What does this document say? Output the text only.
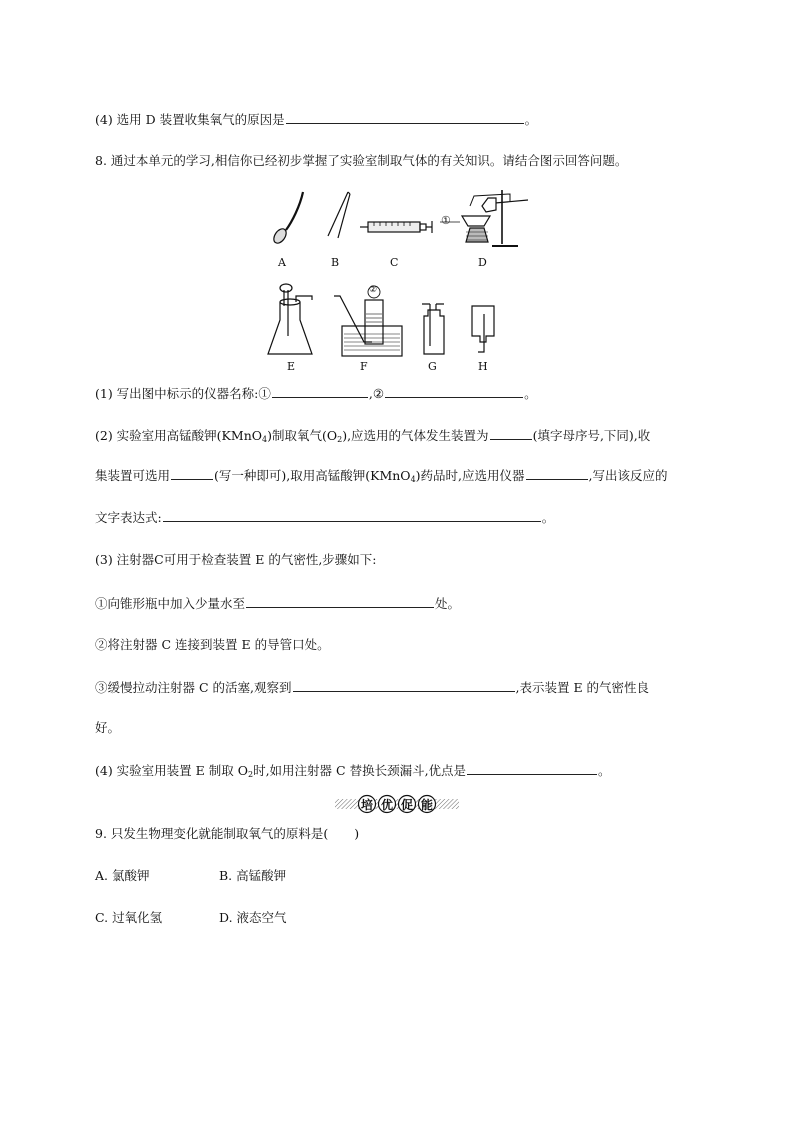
(4) 选用 D 装置收集氧气的原因是	。
8. 通过本单元的学习,相信你已经初步掌握了实验室制取气体的有关知识。请结合图示回答问题。
A	B	C	D
①
E	F	G	H
②
(1) 写出图中标示的仪器名称:①	,②	。
(2) 实验室用高锰酸钾(KMnO$_4$)制取氧气$(O_2)$,应选用的气体发生装置为	(填字母序号,下同),收
集装置可选用	(写一种即可),取用高锰酸钾(KMnO$_4$)药品时,应选用仪器	,写出该反应的
文字表达式:	。
(3) 注射器C可用于检查装置 E 的气密性,步骤如下:
①向锥形瓶中加入少量水至	处。
②将注射器 C 连接到装置 E 的导管口处。
③缓慢拉动注射器 C 的活塞,观察到	,表示装置 E 的气密性良
好。
(4) 实验室用装置 E 制取 $O_2$时,如用注射器 C 替换长颈漏斗,优点是	。
培 优 促 能
9. 只发生物理变化就能制取氧气的原料是( )
A. 氯酸钾	B. 高锰酸钾
C. 过氧化氢	D. 液态空气
